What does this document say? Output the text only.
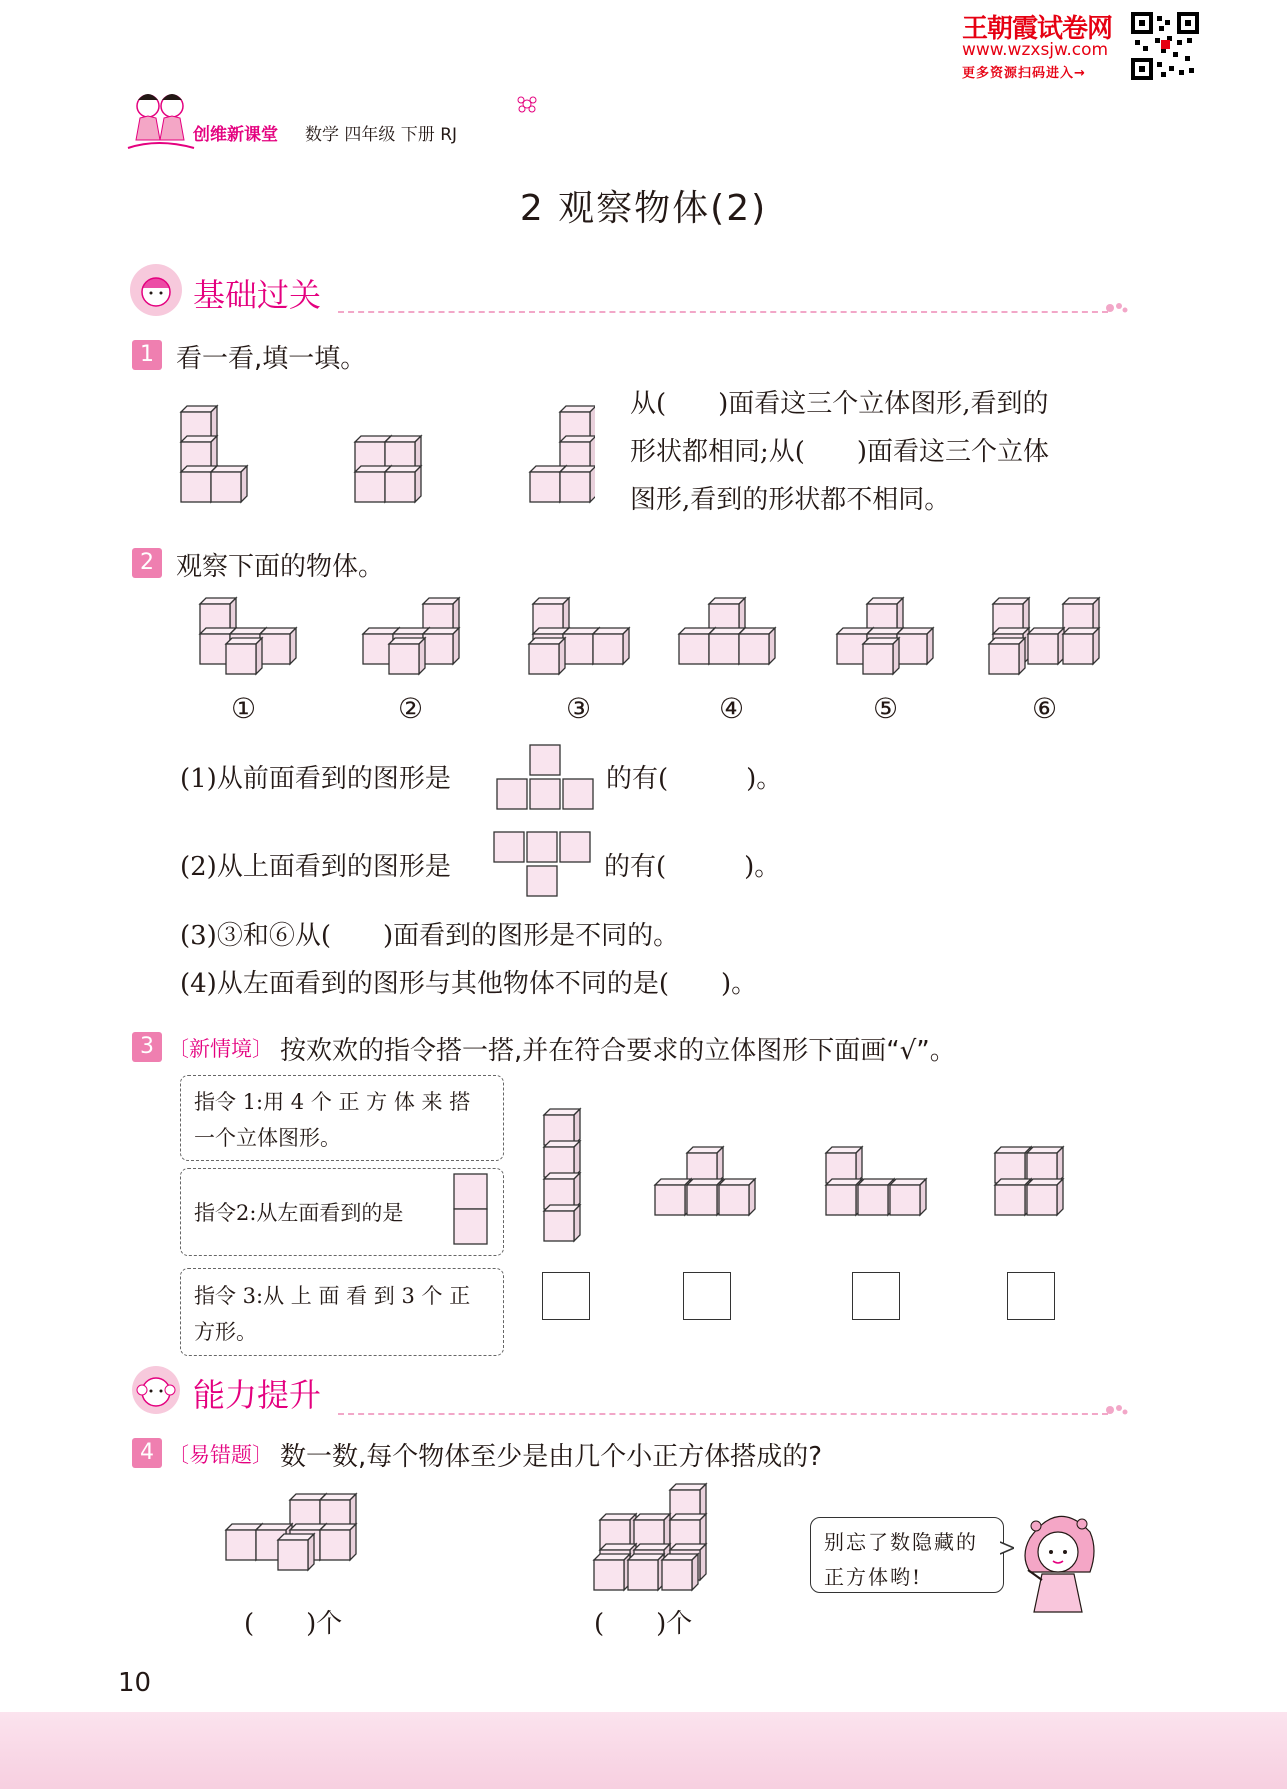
王朝霞试卷网
www.wzxsjw.com
更多资源扫码进入→
创维新课堂 数学 四年级 下册 RJ
2 观察物体(2)
基础过关
1 看一看,填一填。
从(　　)面看这三个立体图形,看到的
形状都相同;从(　　)面看这三个立体
图形,看到的形状都不相同。
2 观察下面的物体。
①	②	③	④	⑤	⑥
(1)从前面看到的图形是	的有(　　　)。
(2)从上面看到的图形是	的有(　　　)。
(3)③和⑥从(　　)面看到的图形是不同的。
(4)从左面看到的图形与其他物体不同的是(　　)。
3 〔新情境〕 按欢欢的指令搭一搭,并在符合要求的立体图形下面画“√”。
指令 1:用 4 个 正 方 体 来 搭
一个立体图形。
指令2:从左面看到的是
指令 3:从 上 面 看 到 3 个 正
方形。
能力提升
4 〔易错题〕 数一数,每个物体至少是由几个小正方体搭成的?
(　　)个	(　　)个
别忘了数隐藏的
正方体哟!
10
